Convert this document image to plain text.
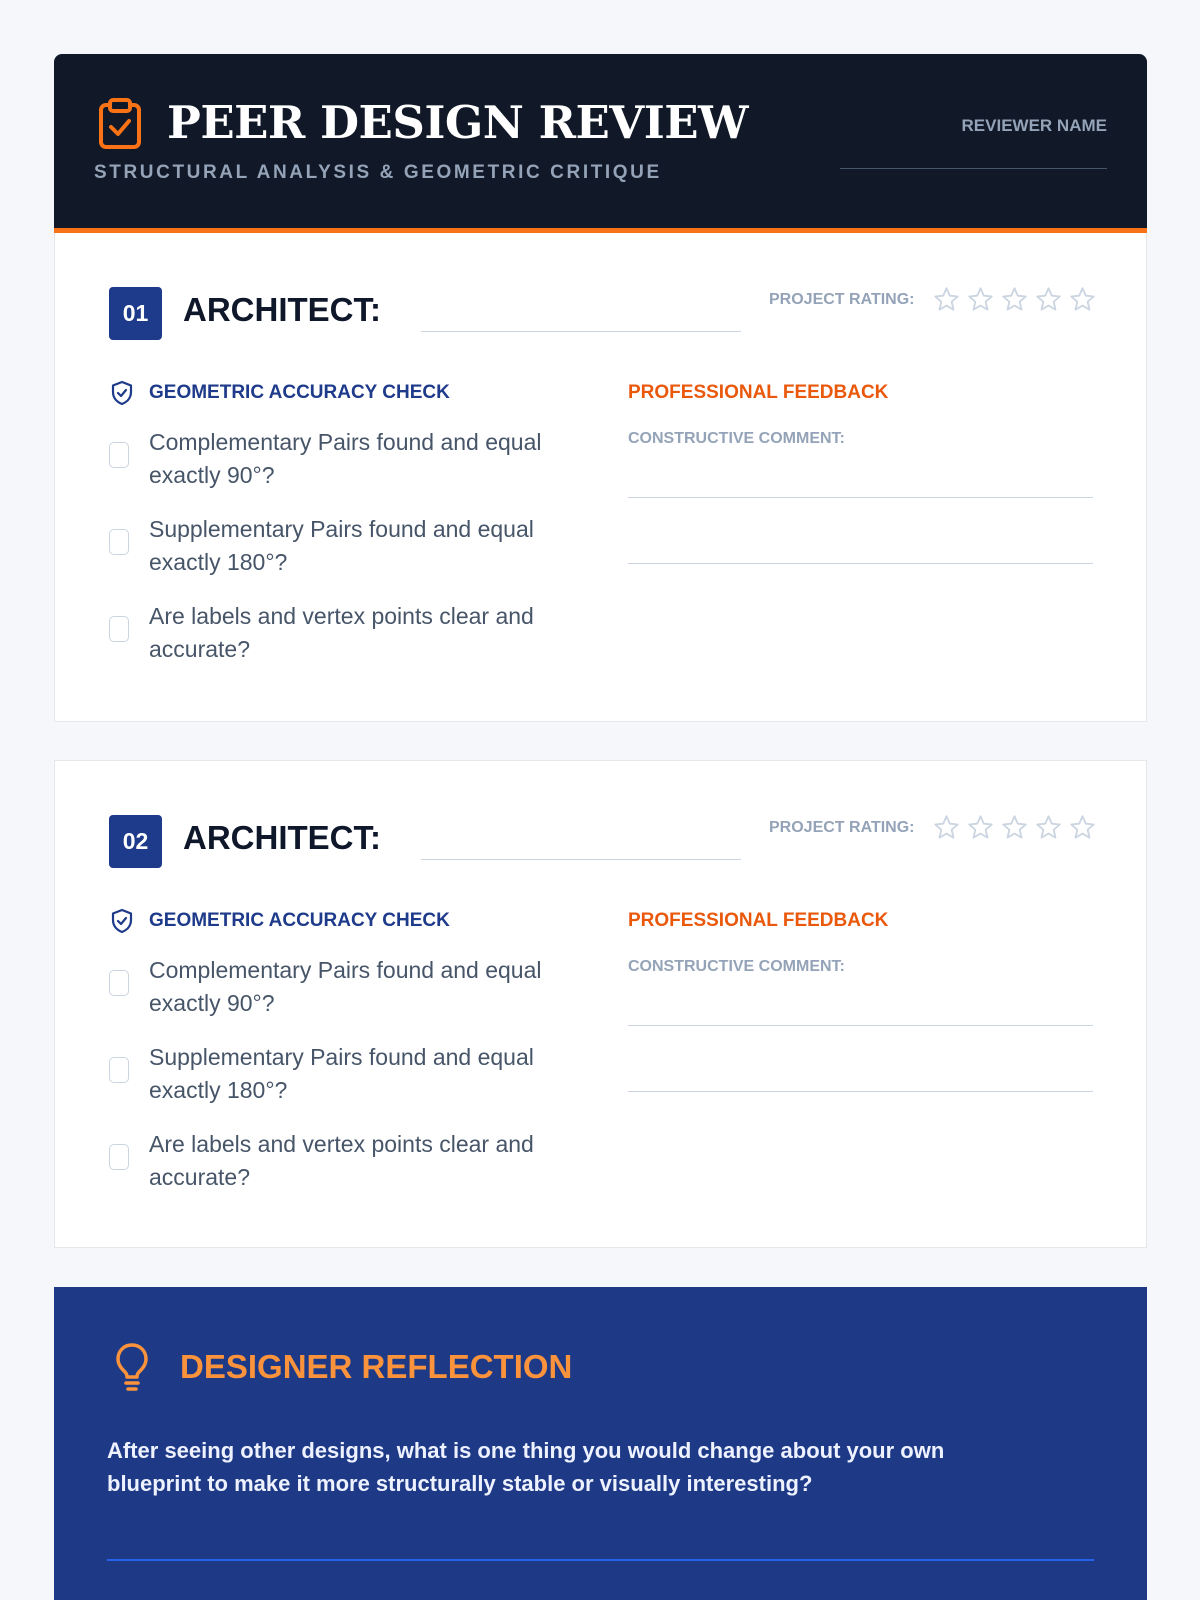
PEER DESIGN REVIEW
STRUCTURAL ANALYSIS & GEOMETRIC CRITIQUE
REVIEWER NAME
01	ARCHITECT:	PROJECT RATING:
GEOMETRIC ACCURACY CHECK
Complementary Pairs found and equal exactly 90°?
Supplementary Pairs found and equal exactly 180°?
Are labels and vertex points clear and accurate?
PROFESSIONAL FEEDBACK
CONSTRUCTIVE COMMENT:
02	ARCHITECT:	PROJECT RATING:
GEOMETRIC ACCURACY CHECK
Complementary Pairs found and equal exactly 90°?
Supplementary Pairs found and equal exactly 180°?
Are labels and vertex points clear and accurate?
PROFESSIONAL FEEDBACK
CONSTRUCTIVE COMMENT:
DESIGNER REFLECTION
After seeing other designs, what is one thing you would change about your own blueprint to make it more structurally stable or visually interesting?
